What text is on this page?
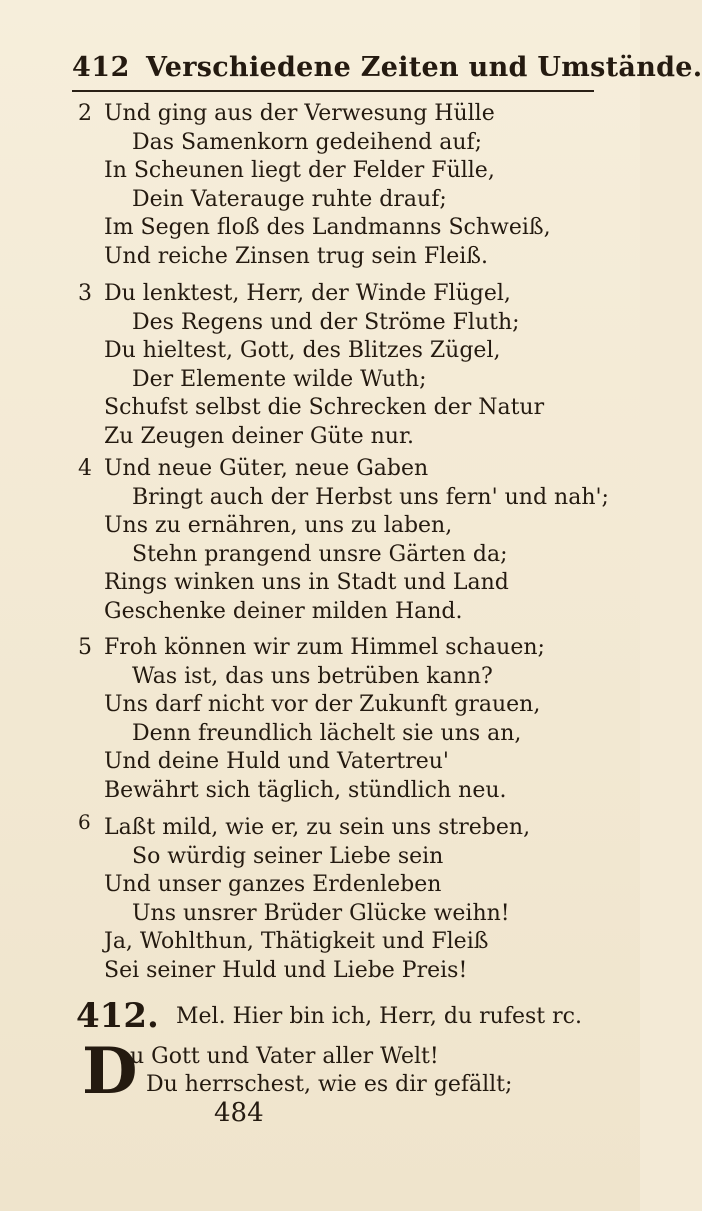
412 Verschiedene Zeiten und Umstände.
2 Und ging aus der Verwesung Hülle
Das Samenkorn gedeihend auf;
In Scheunen liegt der Felder Fülle,
Dein Vaterauge ruhte drauf;
Im Segen floß des Landmanns Schweiß,
Und reiche Zinsen trug sein Fleiß.
3 Du lenktest, Herr, der Winde Flügel,
Des Regens und der Ströme Fluth;
Du hieltest, Gott, des Blitzes Zügel,
Der Elemente wilde Wuth;
Schufst selbst die Schrecken der Natur
Zu Zeugen deiner Güte nur.
4 Und neue Güter, neue Gaben
Bringt auch der Herbst uns fern' und nah';
Uns zu ernähren, uns zu laben,
Stehn prangend unsre Gärten da;
Rings winken uns in Stadt und Land
Geschenke deiner milden Hand.
5 Froh können wir zum Himmel schauen;
Was ist, das uns betrüben kann?
Uns darf nicht vor der Zukunft grauen,
Denn freundlich lächelt sie uns an,
Und deine Huld und Vatertreu'
Bewährt sich täglich, stündlich neu.
6 Laßt mild, wie er, zu sein uns streben,
So würdig seiner Liebe sein
Und unser ganzes Erdenleben
Uns unsrer Brüder Glücke weihn!
Ja, Wohlthun, Thätigkeit und Fleiß
Sei seiner Huld und Liebe Preis!
412. Mel. Hier bin ich, Herr, du rufest rc.
D
u Gott und Vater aller Welt!
Du herrschest, wie es dir gefällt;
484
